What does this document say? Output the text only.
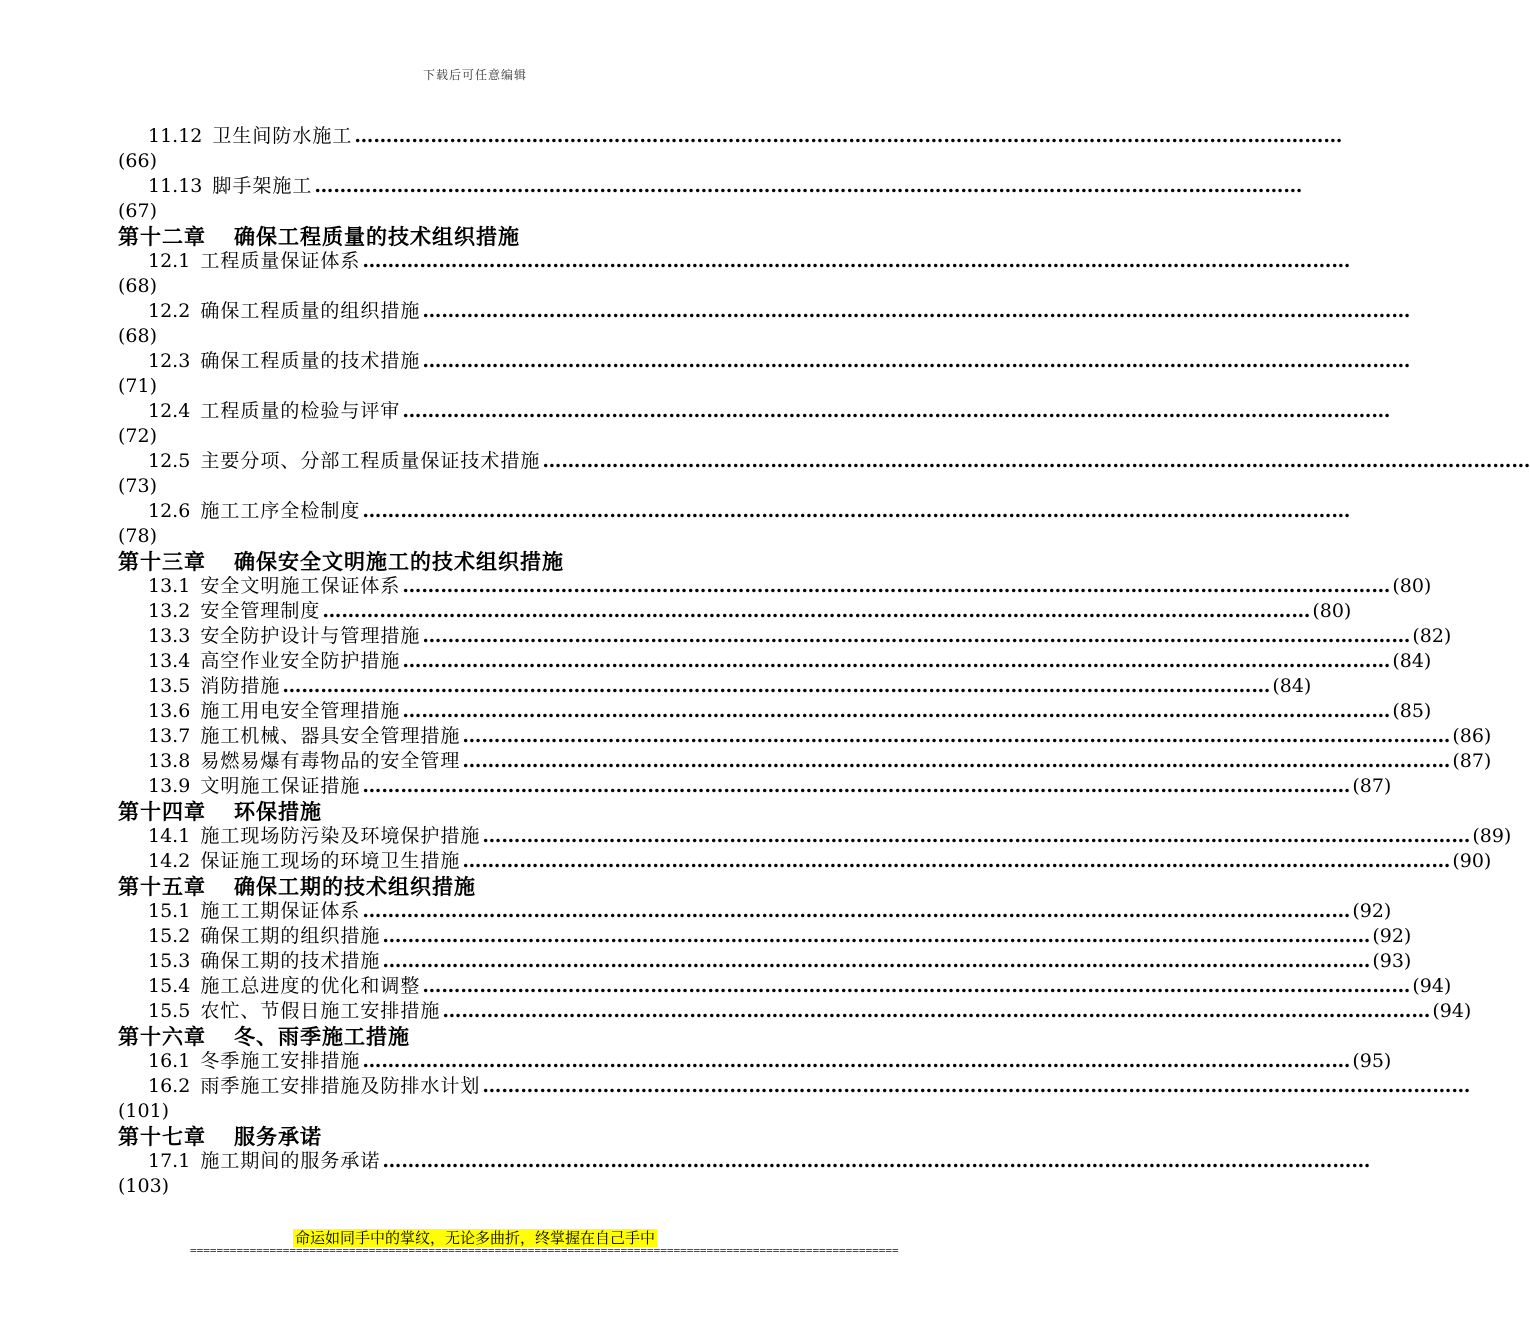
下载后可任意编辑
11.12 卫生间防水施工 …………………………………………………………………………………………………………………………………………
(66)
11.13 脚手架施工 …………………………………………………………………………………………………………………………………………
(67)
第十二章 确保工程质量的技术组织措施
12.1 工程质量保证体系 …………………………………………………………………………………………………………………………………………
(68)
12.2 确保工程质量的组织措施 …………………………………………………………………………………………………………………………………………
(68)
12.3 确保工程质量的技术措施 …………………………………………………………………………………………………………………………………………
(71)
12.4 工程质量的检验与评审 …………………………………………………………………………………………………………………………………………
(72)
12.5 主要分项、分部工程质量保证技术措施 …………………………………………………………………………………………………………………………………………
(73)
12.6 施工工序全检制度 …………………………………………………………………………………………………………………………………………
(78)
第十三章 确保安全文明施工的技术组织措施
13.1 安全文明施工保证体系 ………………………………………………………………………………………………………………………………………… (80)
13.2 安全管理制度 ………………………………………………………………………………………………………………………………………… (80)
13.3 安全防护设计与管理措施 ………………………………………………………………………………………………………………………………………… (82)
13.4 高空作业安全防护措施 ………………………………………………………………………………………………………………………………………… (84)
13.5 消防措施 ………………………………………………………………………………………………………………………………………… (84)
13.6 施工用电安全管理措施 ………………………………………………………………………………………………………………………………………… (85)
13.7 施工机械、器具安全管理措施 ………………………………………………………………………………………………………………………………………… (86)
13.8 易燃易爆有毒物品的安全管理 ………………………………………………………………………………………………………………………………………… (87)
13.9 文明施工保证措施 ………………………………………………………………………………………………………………………………………… (87)
第十四章 环保措施
14.1 施工现场防污染及环境保护措施 ………………………………………………………………………………………………………………………………………… (89)
14.2 保证施工现场的环境卫生措施 ………………………………………………………………………………………………………………………………………… (90)
第十五章 确保工期的技术组织措施
15.1 施工工期保证体系 ………………………………………………………………………………………………………………………………………… (92)
15.2 确保工期的组织措施 ………………………………………………………………………………………………………………………………………… (92)
15.3 确保工期的技术措施 ………………………………………………………………………………………………………………………………………… (93)
15.4 施工总进度的优化和调整 ………………………………………………………………………………………………………………………………………… (94)
15.5 农忙、节假日施工安排措施 ………………………………………………………………………………………………………………………………………… (94)
第十六章 冬、雨季施工措施
16.1 冬季施工安排措施 ………………………………………………………………………………………………………………………………………… (95)
16.2 雨季施工安排措施及防排水计划 …………………………………………………………………………………………………………………………………………
(101)
第十七章 服务承诺
17.1 施工期间的服务承诺 …………………………………………………………………………………………………………………………………………
(103)
命运如同手中的掌纹，无论多曲折，终掌握在自己手中
===========================================================================================================
